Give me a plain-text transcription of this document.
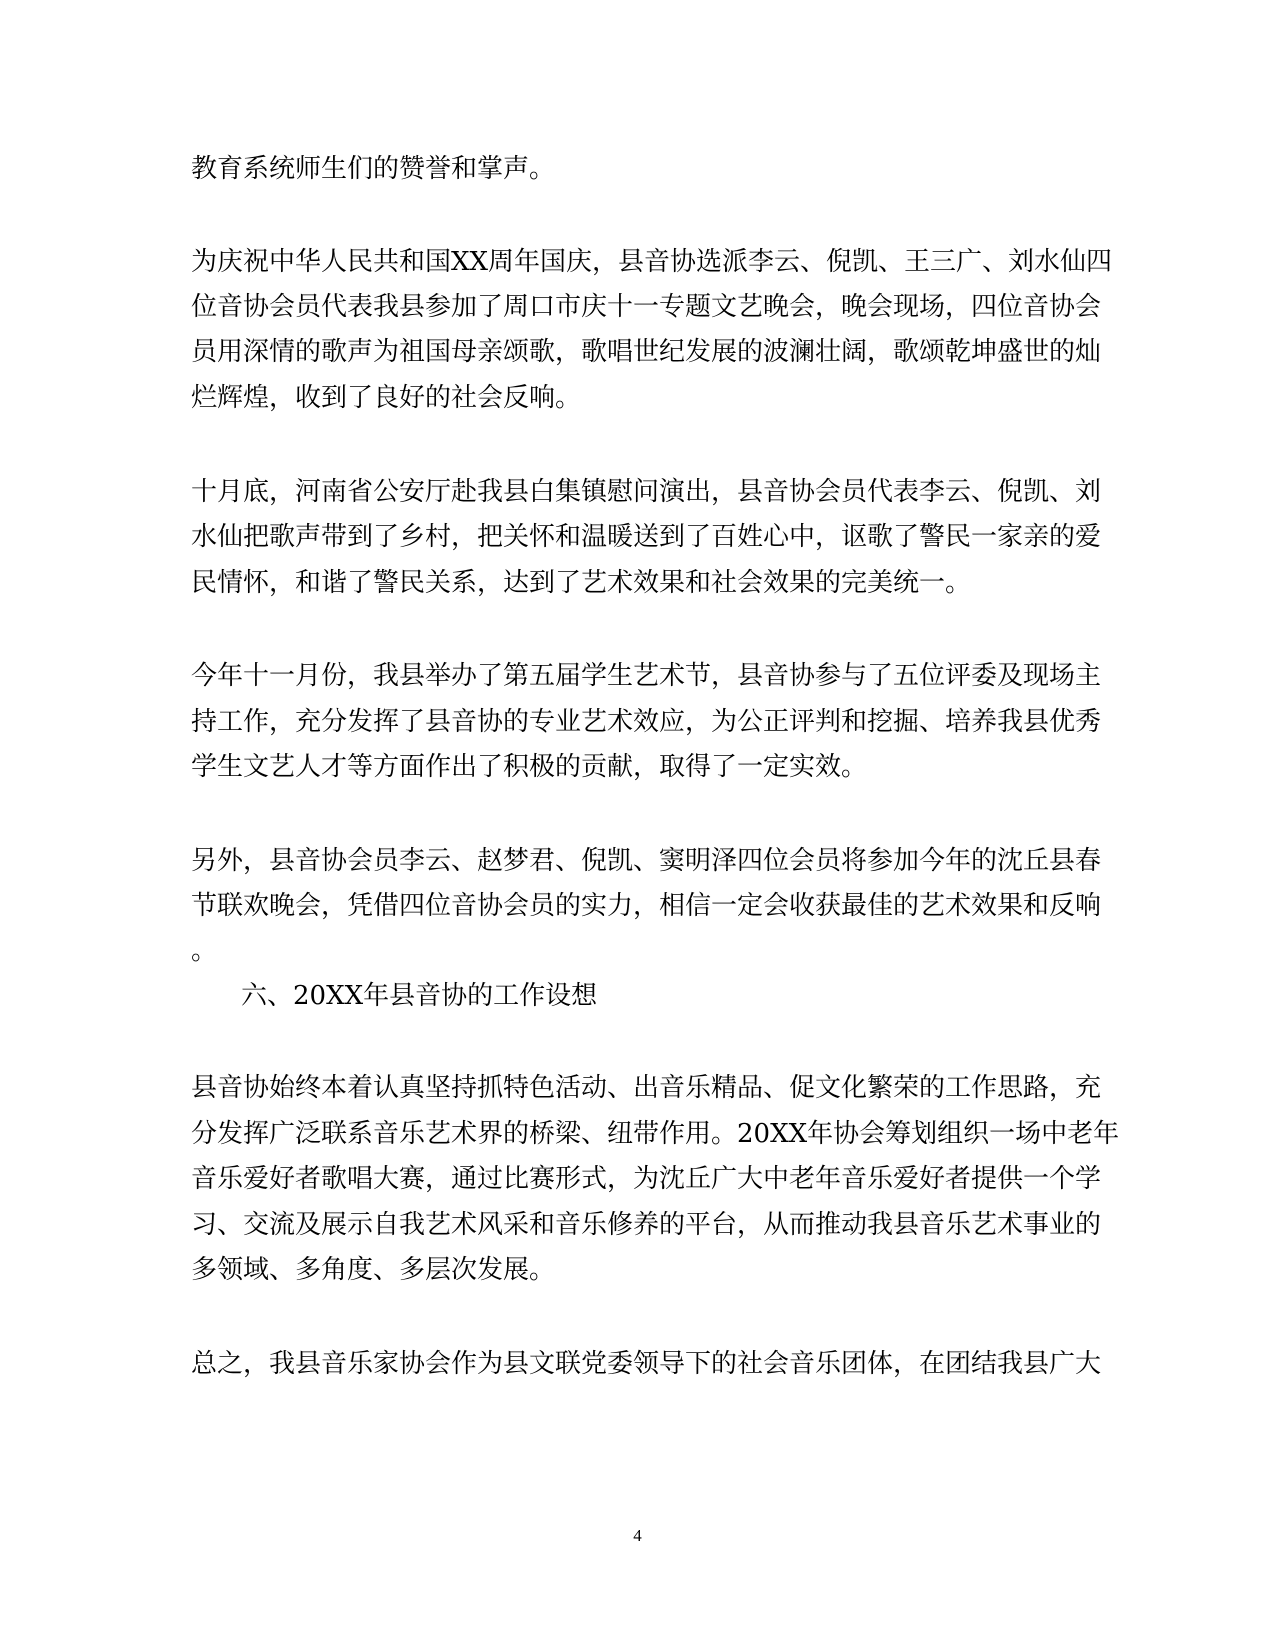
教育系统师生们的赞誉和掌声。
为庆祝中华人民共和国XX周年国庆，县音协选派李云、倪凯、王三广、刘水仙四
位音协会员代表我县参加了周口市庆十一专题文艺晚会，晚会现场，四位音协会
员用深情的歌声为祖国母亲颂歌，歌唱世纪发展的波澜壮阔，歌颂乾坤盛世的灿
烂辉煌，收到了良好的社会反响。
十月底，河南省公安厅赴我县白集镇慰问演出，县音协会员代表李云、倪凯、刘
水仙把歌声带到了乡村，把关怀和温暖送到了百姓心中，讴歌了警民一家亲的爱
民情怀，和谐了警民关系，达到了艺术效果和社会效果的完美统一。
今年十一月份，我县举办了第五届学生艺术节，县音协参与了五位评委及现场主
持工作，充分发挥了县音协的专业艺术效应，为公正评判和挖掘、培养我县优秀
学生文艺人才等方面作出了积极的贡献，取得了一定实效。
另外，县音协会员李云、赵梦君、倪凯、窦明泽四位会员将参加今年的沈丘县春
节联欢晚会，凭借四位音协会员的实力，相信一定会收获最佳的艺术效果和反响
。
六、20XX年县音协的工作设想
县音协始终本着认真坚持抓特色活动、出音乐精品、促文化繁荣的工作思路，充
分发挥广泛联系音乐艺术界的桥梁、纽带作用。20XX年协会筹划组织一场中老年
音乐爱好者歌唱大赛，通过比赛形式，为沈丘广大中老年音乐爱好者提供一个学
习、交流及展示自我艺术风采和音乐修养的平台，从而推动我县音乐艺术事业的
多领域、多角度、多层次发展。
总之，我县音乐家协会作为县文联党委领导下的社会音乐团体，在团结我县广大
4
